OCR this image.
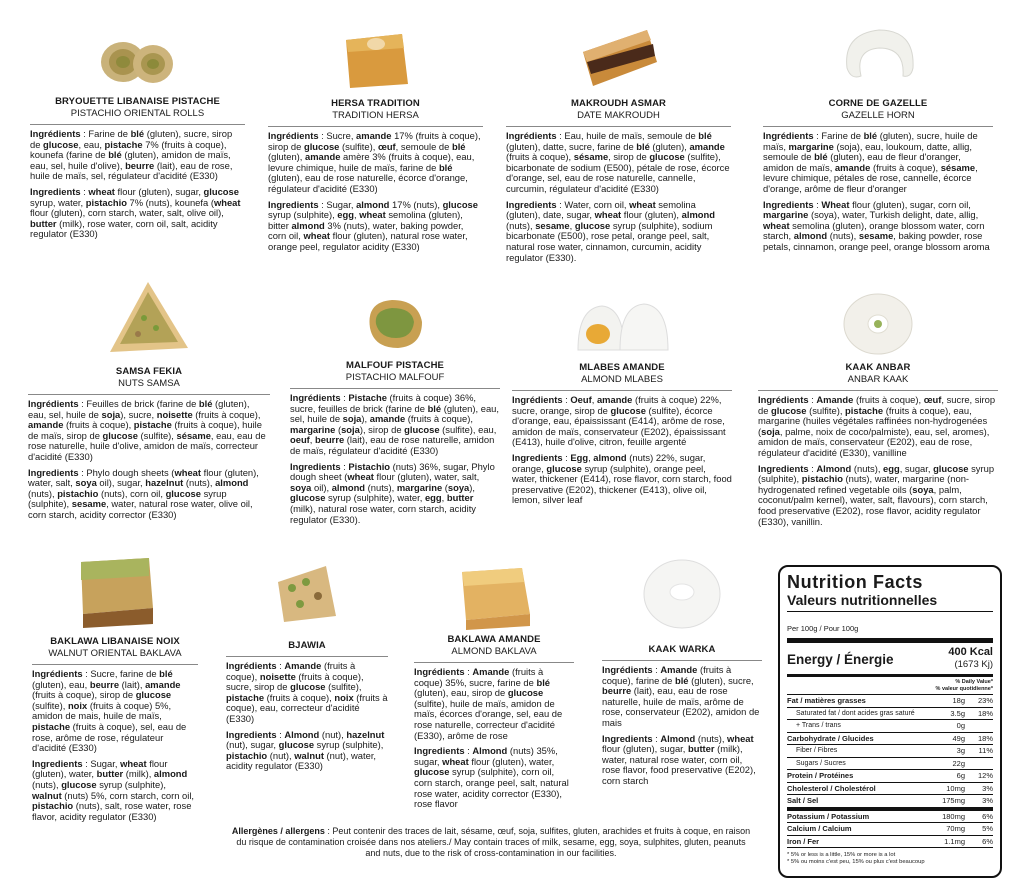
BRYOUETTE LIBANAISE PISTACHE
PISTACHIO ORIENTAL ROLLS

Ingrédients : Farine de blé (gluten), sucre, sirop de glucose, eau, pistache 7% (fruits à coque), kounefa (farine de blé (gluten), amidon de maïs, eau, sel, huile d'olive), beurre (lait), eau de rose, huile de maïs, sel, régulateur d'acidité (E330)

Ingredients : wheat flour (gluten), sugar, glucose syrup, water, pistachio 7% (nuts), kounefa (wheat flour (gluten), corn starch, water, salt, olive oil), butter (milk), rose water, corn oil, salt, acidity regulator (E330)

HERSA TRADITION
TRADITION HERSA

Ingrédients : Sucre, amande 17% (fruits à coque), sirop de glucose (sulfite), œuf, semoule de blé (gluten), amande amère 3% (fruits à coque), eau, levure chimique, huile de maïs, farine de blé (gluten), eau de rose naturelle, écorce d'orange, régulateur d'acidité (E330)

Ingredients : Sugar, almond 17% (nuts), glucose syrup (sulphite), egg, wheat semolina (gluten), bitter almond 3% (nuts), water, baking powder, corn oil, wheat flour (gluten), natural rose water, orange peel, regulator acidity (E330)

MAKROUDH ASMAR
DATE MAKROUDH

Ingrédients : Eau, huile de maïs, semoule de blé (gluten), datte, sucre, farine de blé (gluten), amande (fruits à coque), sésame, sirop de glucose (sulfite), bicarbonate de sodium (E500), pétale de rose, écorce d'orange, sel, eau de rose naturelle, cannelle, curcumin, régulateur d'acidité (E330)

Ingredients : Water, corn oil, wheat semolina (gluten), date, sugar, wheat flour (gluten), almond (nuts), sesame, glucose syrup (sulphite), sodium bicarbonate (E500), rose petal, orange peel, salt, natural rose water, cinnamon, curcumin, acidity regulator (E330).

CORNE DE GAZELLE
GAZELLE HORN

Ingrédients : Farine de blé (gluten), sucre, huile de maïs, margarine (soja), eau, loukoum, datte, allig, semoule de blé (gluten), eau de fleur d'oranger, amidon de maïs, amande (fruits à coque), sésame, levure chimique, pétales de rose, cannelle, écorce d'orange, arôme de fleur d'oranger

Ingredients : Wheat flour (gluten), sugar, corn oil, margarine (soya), water, Turkish delight, date, allig, wheat semolina (gluten), orange blossom water, corn starch, almond (nuts), sesame, baking powder, rose petals, cinnamon, orange peel, orange blossom aroma

SAMSA FEKIA
NUTS SAMSA

Ingrédients : Feuilles de brick (farine de blé (gluten), eau, sel, huile de soja), sucre, noisette (fruits à coque), amande (fruits à coque), pistache (fruits à coque), huile de maïs, sirop de glucose (sulfite), sésame, eau, eau de rose naturelle, huile d'olive, amidon de maïs, correcteur d'acidité (E330)

Ingredients : Phylo dough sheets (wheat flour (gluten), water, salt, soya oil), sugar, hazelnut (nuts), almond (nuts), pistachio (nuts), corn oil, glucose syrup (sulphite), sesame, water, natural rose water, olive oil, corn starch, acidity corrector (E330)

MALFOUF PISTACHE
PISTACHIO MALFOUF

Ingrédients : Pistache (fruits à coque) 36%, sucre, feuilles de brick (farine de blé (gluten), eau, sel, huile de soja), amande (fruits à coque), margarine (soja), sirop de glucose (sulfite), eau, oeuf, beurre (lait), eau de rose naturelle, amidon de maïs, régulateur d'acidité (E330)

Ingredients : Pistachio (nuts) 36%, sugar, Phylo dough sheet (wheat flour (gluten), water, salt, soya oil), almond (nuts), margarine (soya), glucose syrup (sulphite), water, egg, butter (milk), natural rose water, corn starch, acidity regulator (E330).

MLABES AMANDE
ALMOND MLABES

Ingrédients : Oeuf, amande (fruits à coque) 22%, sucre, orange, sirop de glucose (sulfite), écorce d'orange, eau, épaississant (E414), arôme de rose, amidon de maïs, conservateur (E202), épaississant (E413), huile d'olive, citron, feuille argenté

Ingredients : Egg, almond (nuts) 22%, sugar, orange, glucose syrup (sulphite), orange peel, water, thickener (E414), rose flavor, corn starch, food preservative (E202), thickener (E413), olive oil, lemon, silver leaf

KAAK ANBAR
ANBAR KAAK

Ingrédients : Amande (fruits à coque), œuf, sucre, sirop de glucose (sulfite), pistache (fruits à coque), eau, margarine (huiles végétales raffinées non-hydrogenées (soja, palme, noix de coco/palmiste), eau, sel, aromes), amidon de maïs, conservateur (E202), eau de rose, régulateur d'acidité (E330), vanilline

Ingredients : Almond (nuts), egg, sugar, glucose syrup (sulphite), pistachio (nuts), water, margarine (non-hydrogenated refined vegetable oils (soya, palm, coconut/palm kernel), water, salt, flavours), corn starch, food preservative (E202), rose flavor, acidity regulator (E330), vanillin.

BAKLAWA LIBANAISE NOIX
WALNUT ORIENTAL BAKLAVA

Ingrédients : Sucre, farine de blé (gluten), eau, beurre (lait), amande (fruits à coque), sirop de glucose (sulfite), noix (fruits à coque) 5%, amidon de mais, huile de maïs, pistache (fruits à coque), sel, eau de rose, arôme de rose, régulateur d'acidité (E330)

Ingredients : Sugar, wheat flour (gluten), water, butter (milk), almond (nuts), glucose syrup (sulphite), walnut (nuts) 5%, corn starch, corn oil, pistachio (nuts), salt, rose water, rose flavor, acidity regulator (E330)

BJAWIA

Ingrédients : Amande (fruits à coque), noisette (fruits à coque), sucre, sirop de glucose (sulfite), pistache (fruits à coque), noix (fruits à coque), eau, correcteur d'acidité (E330)

Ingredients : Almond (nut), hazelnut (nut), sugar, glucose syrup (sulphite), pistachio (nut), walnut (nut), water, acidity regulator (E330)

BAKLAWA AMANDE
ALMOND BAKLAVA

Ingrédients : Amande (fruits à coque) 35%, sucre, farine de blé (gluten), eau, sirop de glucose (sulfite), huile de maïs, amidon de maïs, écorces d'orange, sel, eau de rose naturelle, correcteur d'acidité (E330), arôme de rose

Ingredients : Almond (nuts) 35%, sugar, wheat flour (gluten), water, glucose syrup (sulphite), corn oil, corn starch, orange peel, salt, natural rose water, acidity corrector (E330), rose flavor

KAAK WARKA

Ingrédients : Amande (fruits à coque), farine de blé (gluten), sucre, beurre (lait), eau, eau de rose naturelle, huile de maïs, arôme de rose, conservateur (E202), amidon de mais

Ingredients : Almond (nuts), wheat flour (gluten), sugar, butter (milk), water, natural rose water, corn oil, rose flavor, food preservative (E202), corn starch

Allergènes / allergens : Peut contenir des traces de lait, sésame, œuf, soja, sulfites, gluten, arachides et fruits à coque, en raison du risque de contamination croisée dans nos ateliers./ May contain traces of milk, sesame, egg, soya, sulphites, gluten, peanuts and nuts, due to the risk of cross-contamination in our facilities.
Nutrition Facts
Valeurs nutritionnelles
Per 100g / Pour 100g
Energy / Énergie	400 Kcal
(1673 Kj)
% Daily Value*
% valeur quotidienne*
Fat / matières grasses	18g	23%
Saturated fat / dont acides gras saturé	3.5g	18%
+ Trans / trans	0g
Carbohydrate / Glucides	49g	18%
Fiber / Fibres	3g	11%
Sugars / Sucres	22g
Protein / Protéines	6g	12%
Cholesterol / Cholestérol	10mg	3%
Salt / Sel	175mg	3%
Potassium / Potassium	180mg	6%
Calcium / Calcium	70mg	5%
Iron / Fer	1.1mg	6%
* 5% or less is a little, 15% or more is a lot
* 5% ou moins c'est peu, 15% ou plus c'est beaucoup
